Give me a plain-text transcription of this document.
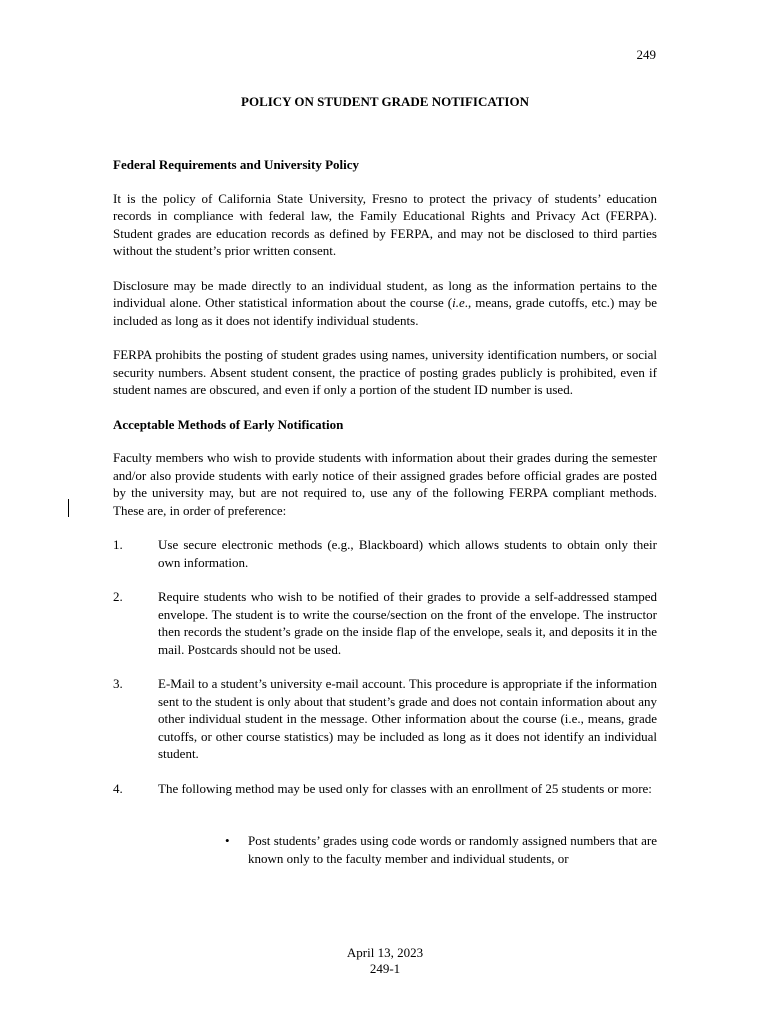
249
POLICY ON STUDENT GRADE NOTIFICATION
Federal Requirements and University Policy

It is the policy of California State University, Fresno to protect the privacy of students’ education records in compliance with federal law, the Family Educational Rights and Privacy Act (FERPA). Student grades are education records as defined by FERPA, and may not be disclosed to third parties without the student’s prior written consent.

Disclosure may be made directly to an individual student, as long as the information pertains to the individual alone. Other statistical information about the course (i.e., means, grade cutoffs, etc.) may be included as long as it does not identify individual students.

FERPA prohibits the posting of student grades using names, university identification numbers, or social security numbers. Absent student consent, the practice of posting grades publicly is prohibited, even if student names are obscured, and even if only a portion of the student ID number is used.

Acceptable Methods of Early Notification

Faculty members who wish to provide students with information about their grades during the semester and/or also provide students with early notice of their assigned grades before official grades are posted by the university may, but are not required to, use any of the following FERPA compliant methods. These are, in order of preference:

1.	Use secure electronic methods (e.g., Blackboard) which allows students to obtain only their own information.
2.	Require students who wish to be notified of their grades to provide a self-addressed stamped envelope. The student is to write the course/section on the front of the envelope. The instructor then records the student’s grade on the inside flap of the envelope, seals it, and deposits it in the mail. Postcards should not be used.
3.	E-Mail to a student’s university e-mail account. This procedure is appropriate if the information sent to the student is only about that student’s grade and does not contain information about any other individual student in the message. Other information about the course (i.e., means, grade cutoffs, or other course statistics) may be included as long as it does not identify an individual student.
4.	The following method may be used only for classes with an enrollment of 25 students or more:
•	Post students’ grades using code words or randomly assigned numbers that are known only to the faculty member and individual students, or
April 13, 2023
249-1
